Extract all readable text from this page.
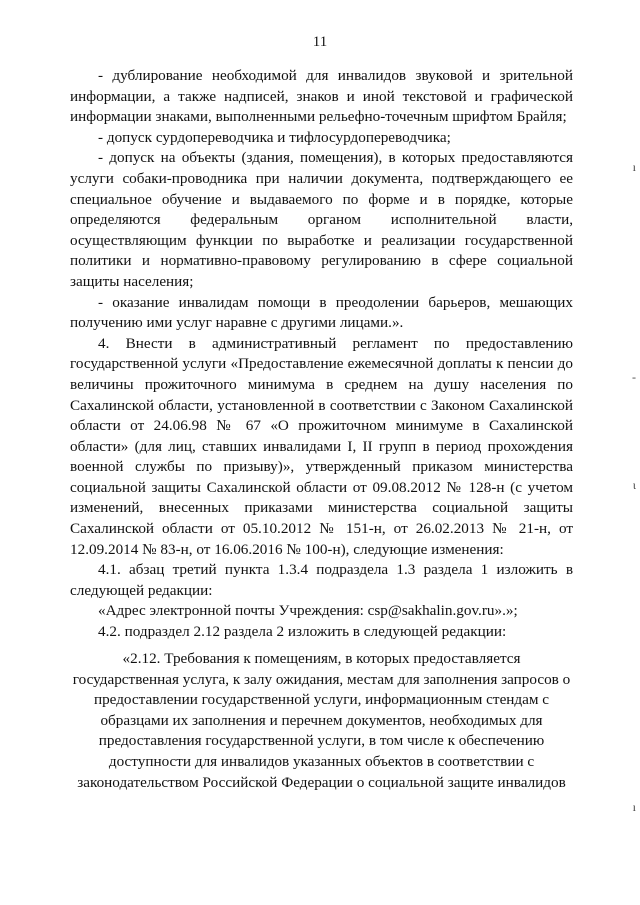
11

- дублирование необходимой для инвалидов звуковой и зрительной информации, а также надписей, знаков и иной текстовой и графической информации знаками, выполненными рельефно-точечным шрифтом Брайля;

- допуск сурдопереводчика и тифлосурдопереводчика;

- допуск на объекты (здания, помещения), в которых предоставляются услуги собаки-проводника при наличии документа, подтверждающего ее специальное обучение и выдаваемого по форме и в порядке, которые определяются федеральным органом исполнительной власти, осуществляющим функции по выработке и реализации государственной политики и нормативно-правовому регулированию в сфере социальной защиты населения;

- оказание инвалидам помощи в преодолении барьеров, мешающих получению ими услуг наравне с другими лицами.».

4. Внести в административный регламент по предоставлению государственной услуги «Предоставление ежемесячной доплаты к пенсии до величины прожиточного минимума в среднем на душу населения по Сахалинской области, установленной в соответствии с Законом Сахалинской области от 24.06.98 № 67 «О прожиточном минимуме в Сахалинской области» (для лиц, ставших инвалидами I, II групп в период прохождения военной службы по призыву)», утвержденный приказом министерства социальной защиты Сахалинской области от 09.08.2012 № 128-н (с учетом изменений, внесенных приказами министерства социальной защиты Сахалинской области от 05.10.2012 № 151-н, от 26.02.2013 № 21-н, от 12.09.2014 № 83-н, от 16.06.2016 № 100-н), следующие изменения:

4.1. абзац третий пункта 1.3.4 подраздела 1.3 раздела 1 изложить в следующей редакции:

«Адрес электронной почты Учреждения: csp@sakhalin.gov.ru».»;

4.2. подраздел 2.12 раздела 2 изложить в следующей редакции:

«2.12. Требования к помещениям, в которых предоставляется

государственная услуга, к залу ожидания, местам для заполнения запросов о

предоставлении государственной услуги, информационным стендам с

образцами их заполнения и перечнем документов, необходимых для

предоставления государственной услуги, в том числе к обеспечению

доступности для инвалидов указанных объектов в соответствии с

законодательством Российской Федерации о социальной защите инвалидов

ı
-
ɩ
ı
